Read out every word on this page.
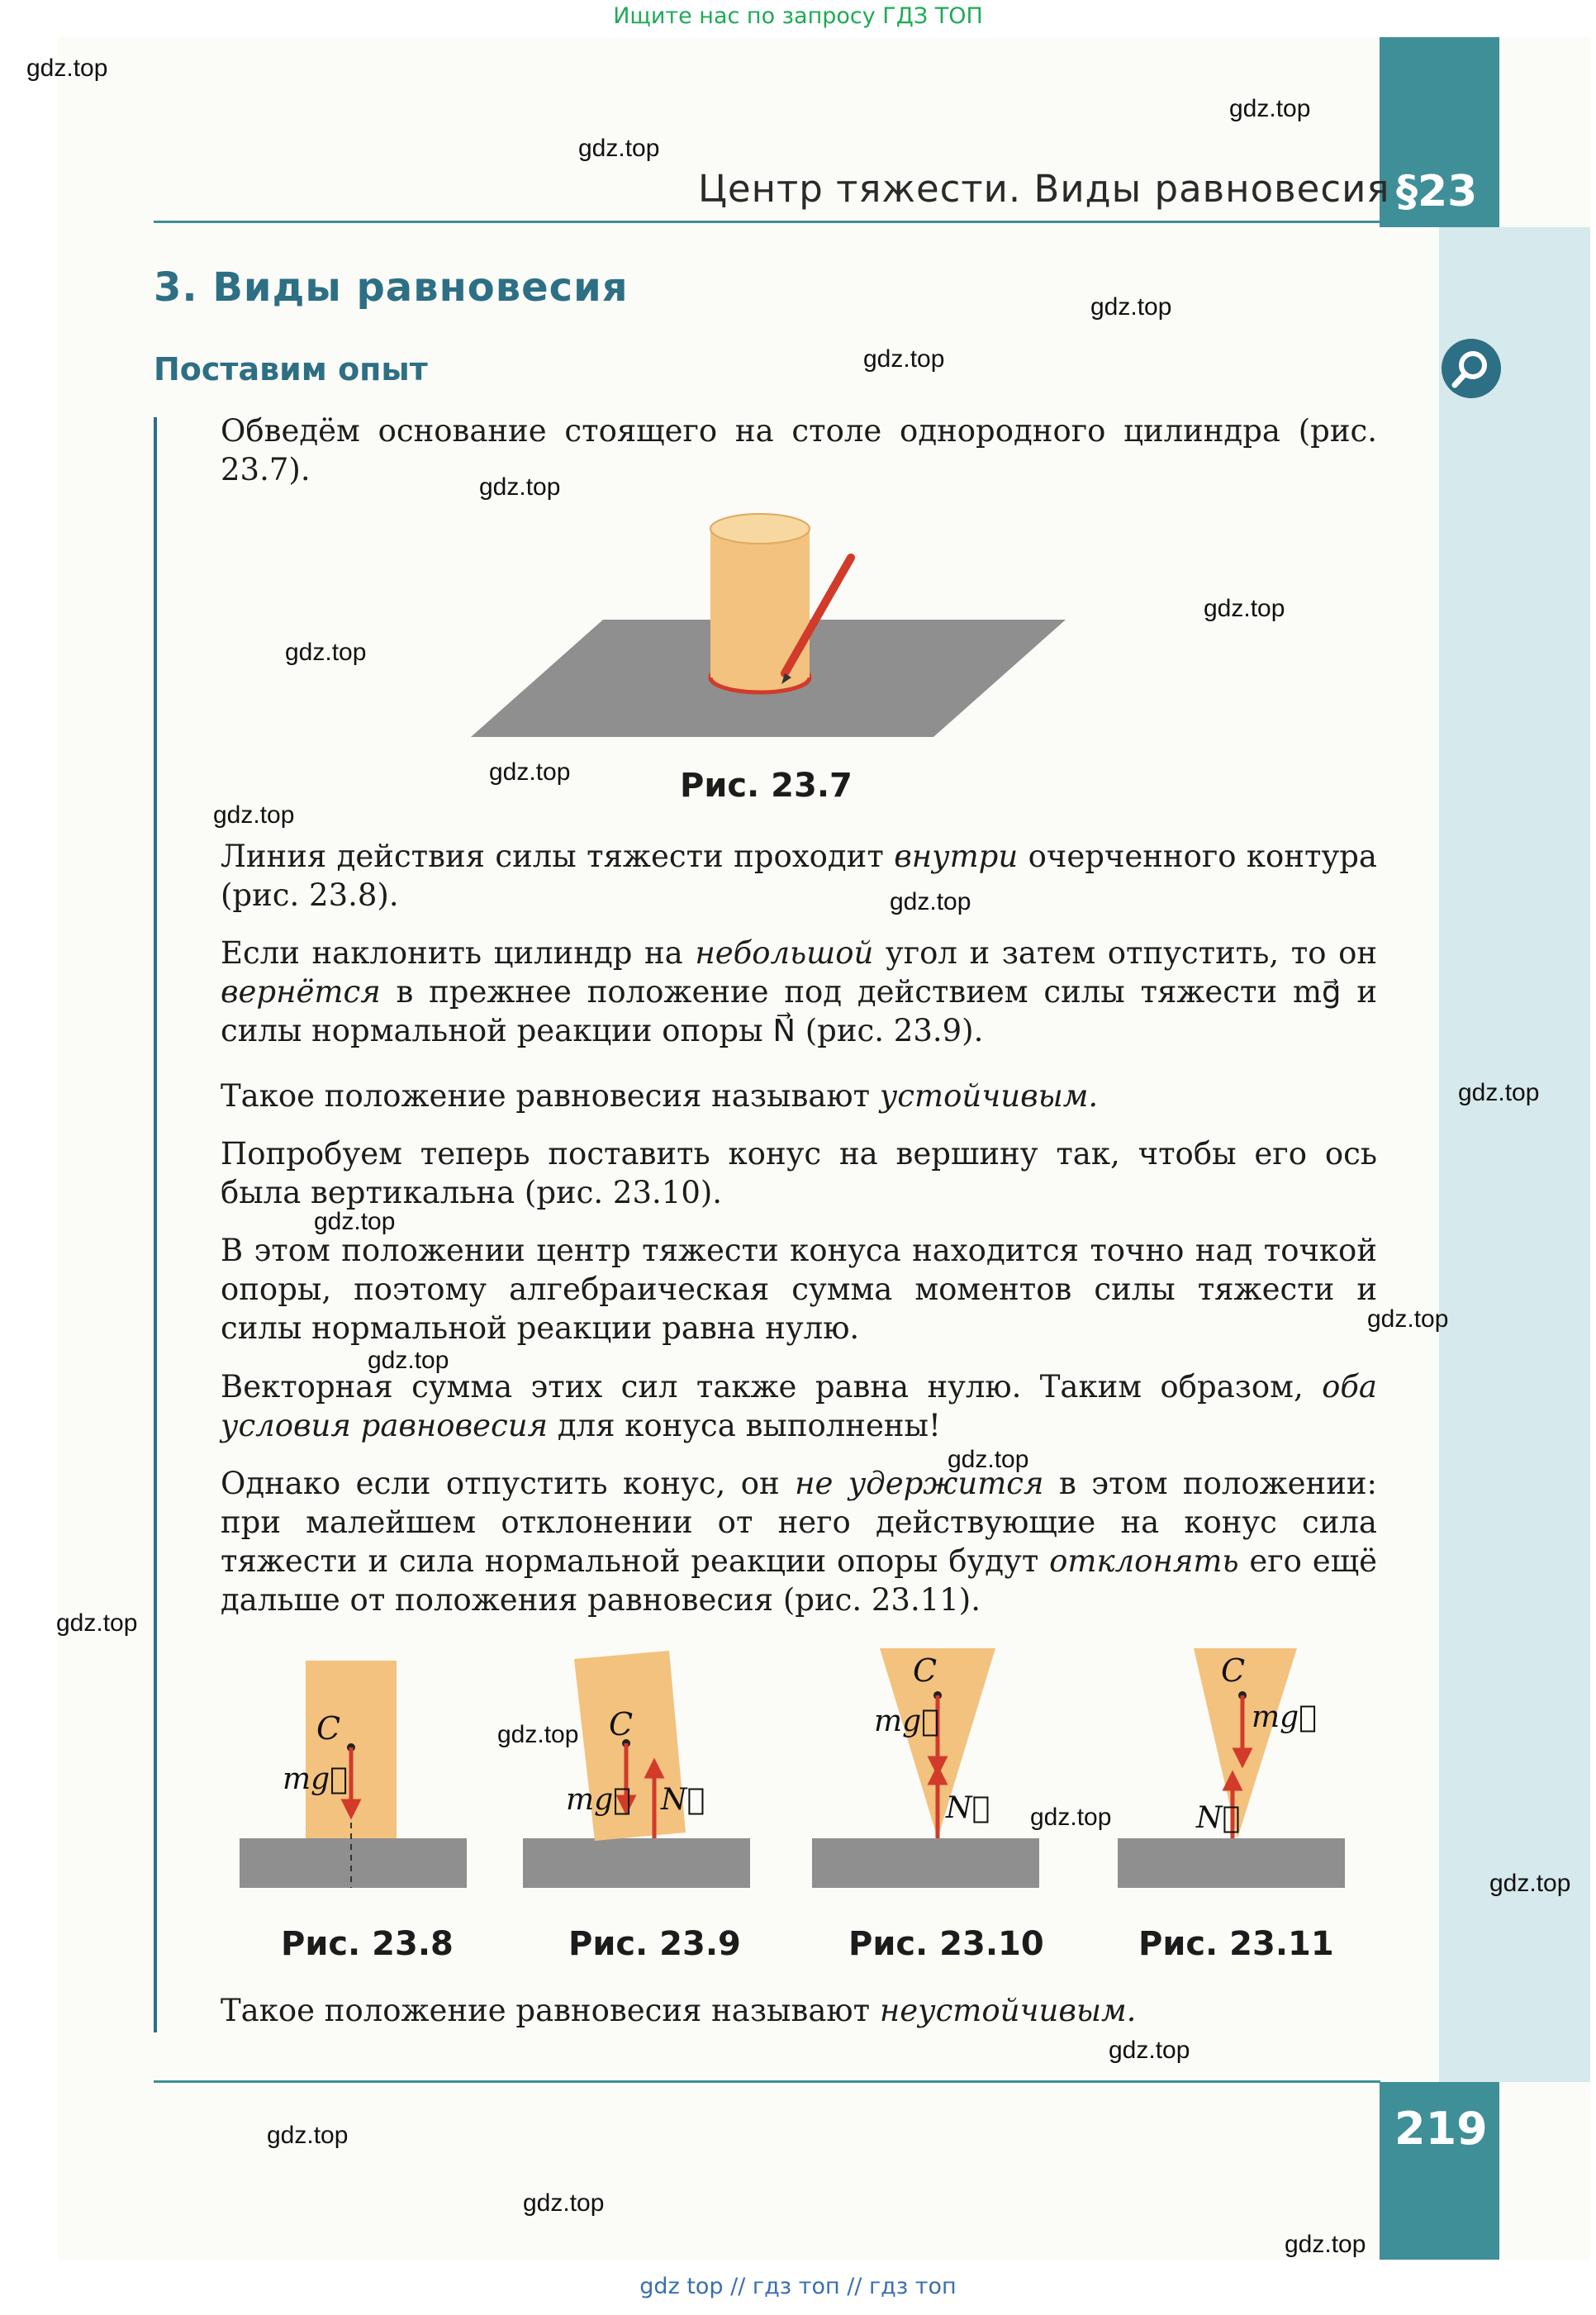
Ищите нас по запросу ГДЗ ТОП
Центр тяжести. Виды равновесия §23
3. Виды равновесия
Поставим опыт
Обведём основание стоящего на столе однородного цилиндра (рис. 23.7).
Рис. 23.7
Линия действия силы тяжести проходит внутри очерченного контура (рис. 23.8).
Если наклонить цилиндр на небольшой угол и затем отпустить, то он вернётся в прежнее положение под действием силы тяжести mg⃗ и силы нормальной реакции опоры N⃗ (рис. 23.9).
Такое положение равновесия называют устойчивым.
Попробуем теперь поставить конус на вершину так, чтобы его ось была вертикальна (рис. 23.10).
В этом положении центр тяжести конуса находится точно над точкой опоры, поэтому алгебраическая сумма моментов силы тяжести и силы нормальной реакции равна нулю.
Векторная сумма этих сил также равна нулю. Таким образом, оба условия равновесия для конуса выполнены!
Однако если отпустить конус, он не удержится в этом положении: при малейшем отклонении от него действующие на конус сила тяжести и сила нормальной реакции опоры будут отклонять его ещё дальше от положения равновесия (рис. 23.11).
C
mg⃗
C
mg⃗ N⃗
C
mg⃗
N⃗
C
mg⃗
N⃗
Рис. 23.8	Рис. 23.9	Рис. 23.10	Рис. 23.11
Такое положение равновесия называют неустойчивым.
219
gdz.top
gdz.top
gdz.top
gdz.top
gdz.top
gdz.top
gdz.top
gdz.top
gdz.top
gdz.top
gdz.top
gdz.top
gdz.top
gdz.top
gdz.top
gdz.top
gdz.top
gdz.top
gdz.top
gdz.top
gdz.top
gdz.top
gdz.top
gdz.top
gdz top // гдз топ // гдз топ
